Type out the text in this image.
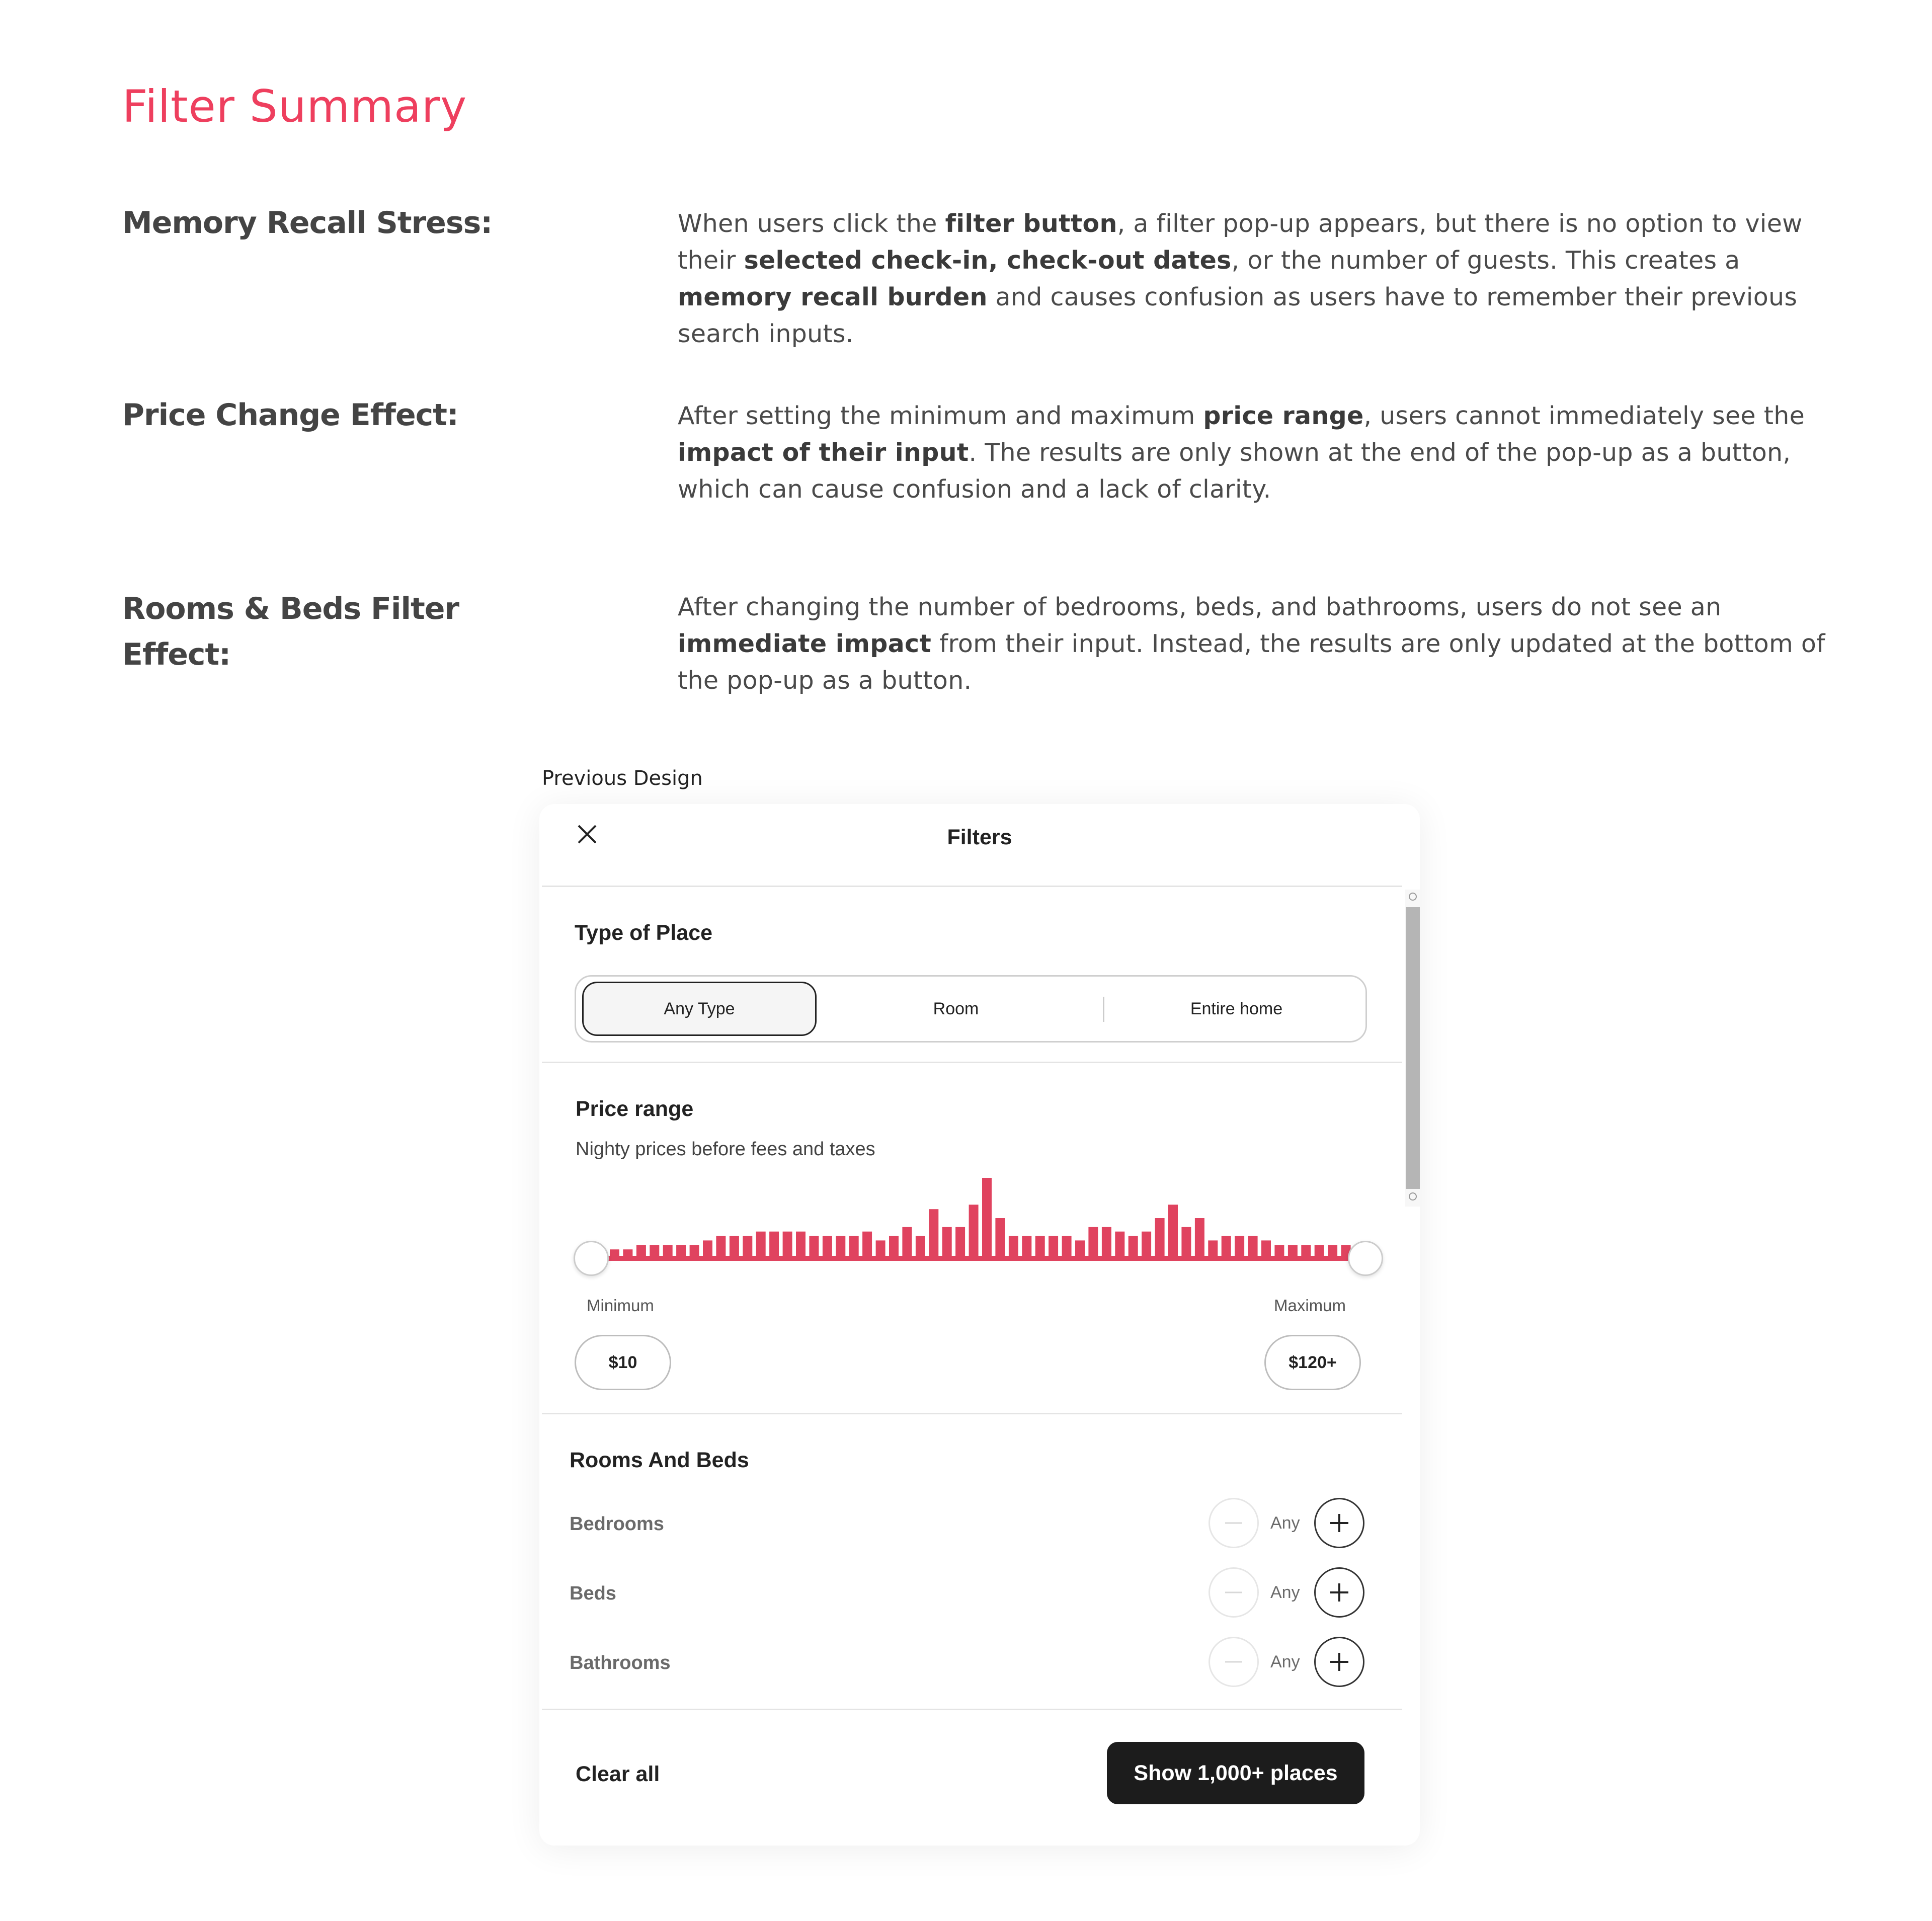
Filter Summary
Memory Recall Stress:	When users click the filter button, a filter pop-up appears, but there is no option to view their selected check-in, check-out dates, or the number of guests. This creates a memory recall burden and causes confusion as users have to remember their previous search inputs.
Price Change Effect:	After setting the minimum and maximum price range, users cannot immediately see the impact of their input. The results are only shown at the end of the pop-up as a button, which can cause confusion and a lack of clarity.
Rooms & Beds Filter Effect:
After changing the number of bedrooms, beds, and bathrooms, users do not see an immediate impact from their input. Instead, the results are only updated at the bottom of the pop-up as a button.
Previous Design
Filters
Type of Place
Any Type	Room	Entire home
Price range
Nighty prices before fees and taxes
Minimum	Maximum
$10	$120+
Rooms And Beds
Bedrooms	Any
Beds	Any
Bathrooms	Any
Clear all	Show 1,000+ places
